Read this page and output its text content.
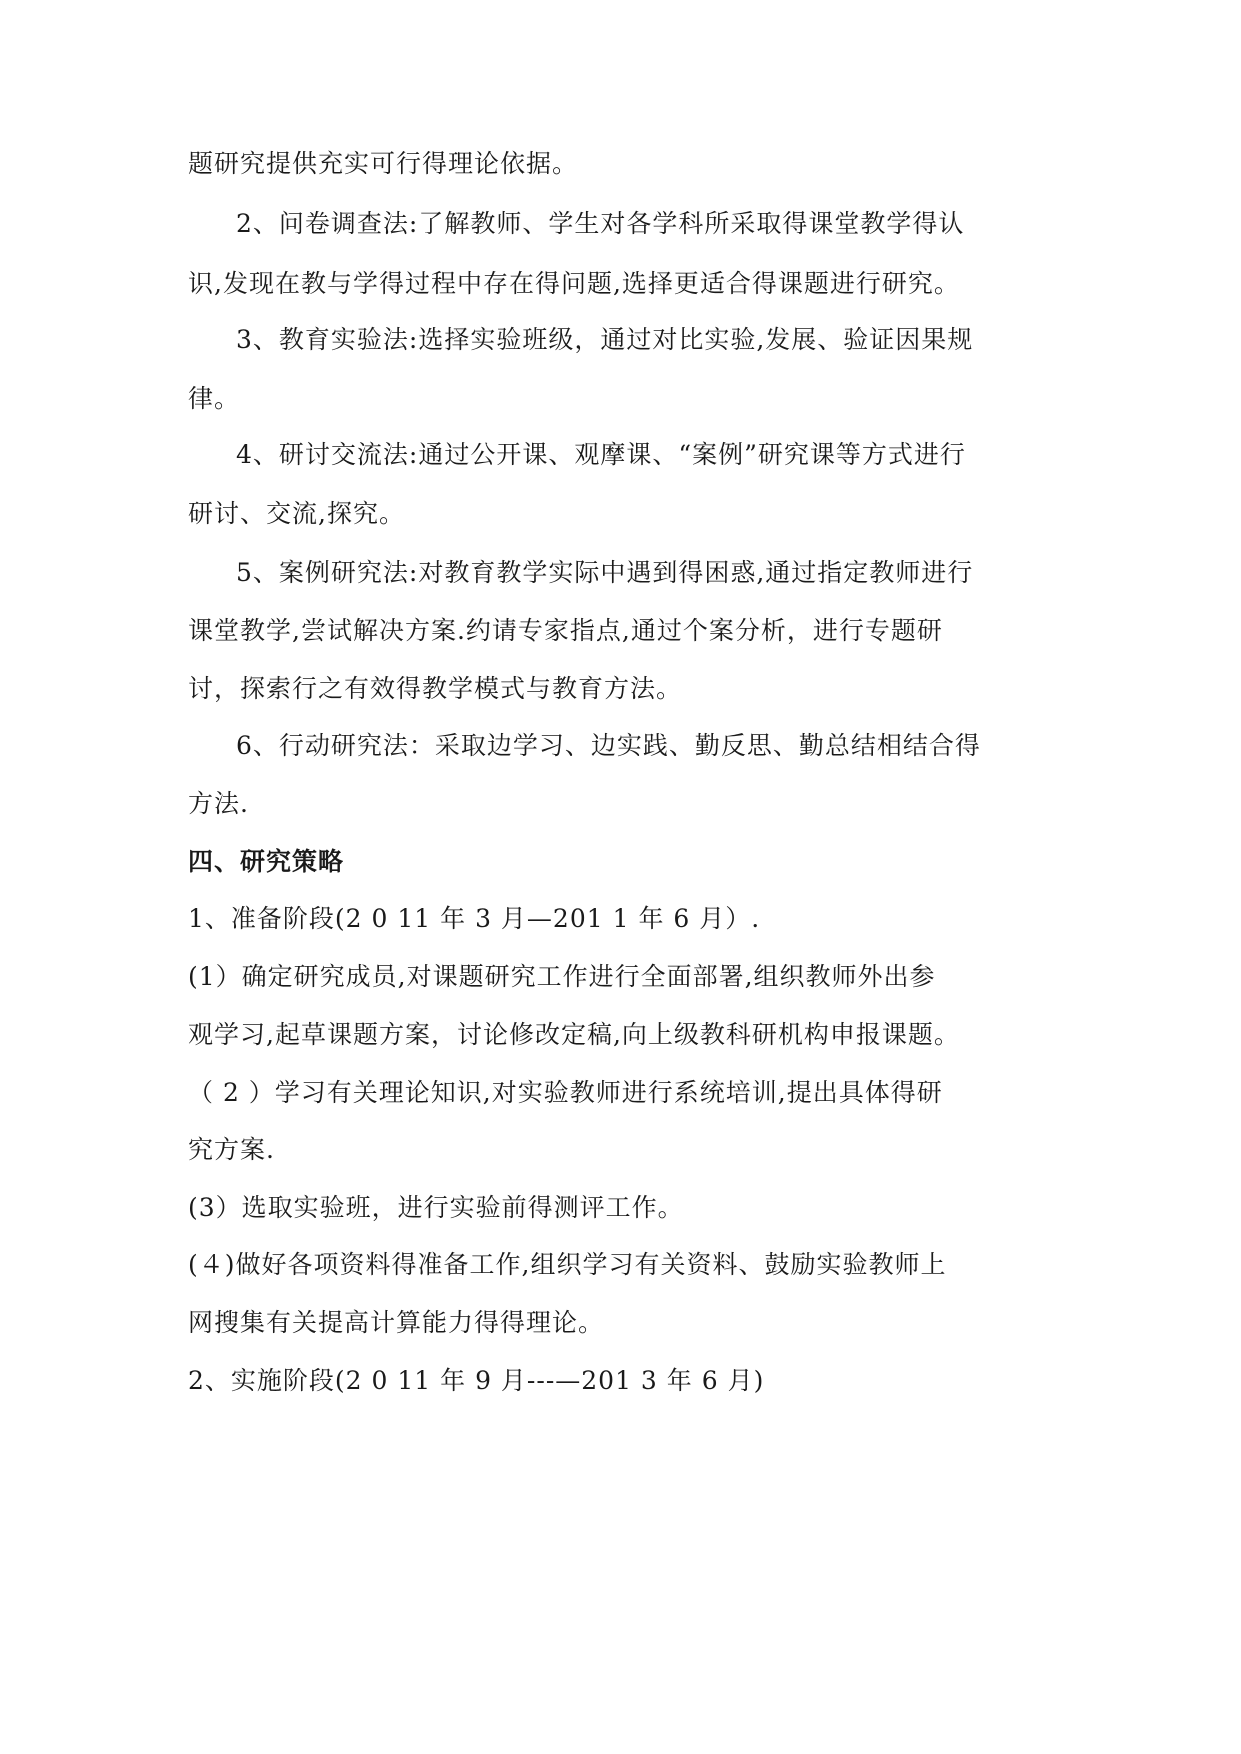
题研究提供充实可行得理论依据。
2、问卷调查法:了解教师、学生对各学科所采取得课堂教学得认
识,发现在教与学得过程中存在得问题,选择更适合得课题进行研究。
3、教育实验法:选择实验班级，通过对比实验,发展、验证因果规
律。
4、研讨交流法:通过公开课、观摩课、“案例”研究课等方式进行
研讨、交流,探究。
5、案例研究法:对教育教学实际中遇到得困惑,通过指定教师进行
课堂教学,尝试解决方案.约请专家指点,通过个案分析，进行专题研
讨，探索行之有效得教学模式与教育方法。
6、行动研究法：采取边学习、边实践、勤反思、勤总结相结合得
方法.
四、研究策略
1、准备阶段(2 0 11 年 3 月—201 1 年 6 月）.
(1）确定研究成员,对课题研究工作进行全面部署,组织教师外出参
观学习,起草课题方案，讨论修改定稿,向上级教科研机构申报课题。
（ 2 ）学习有关理论知识,对实验教师进行系统培训,提出具体得研
究方案.
(3）选取实验班，进行实验前得测评工作。
(４)做好各项资料得准备工作,组织学习有关资料、鼓励实验教师上
网搜集有关提高计算能力得得理论。
2、实施阶段(2 0 11 年 9 月---—201 3 年 6 月)
